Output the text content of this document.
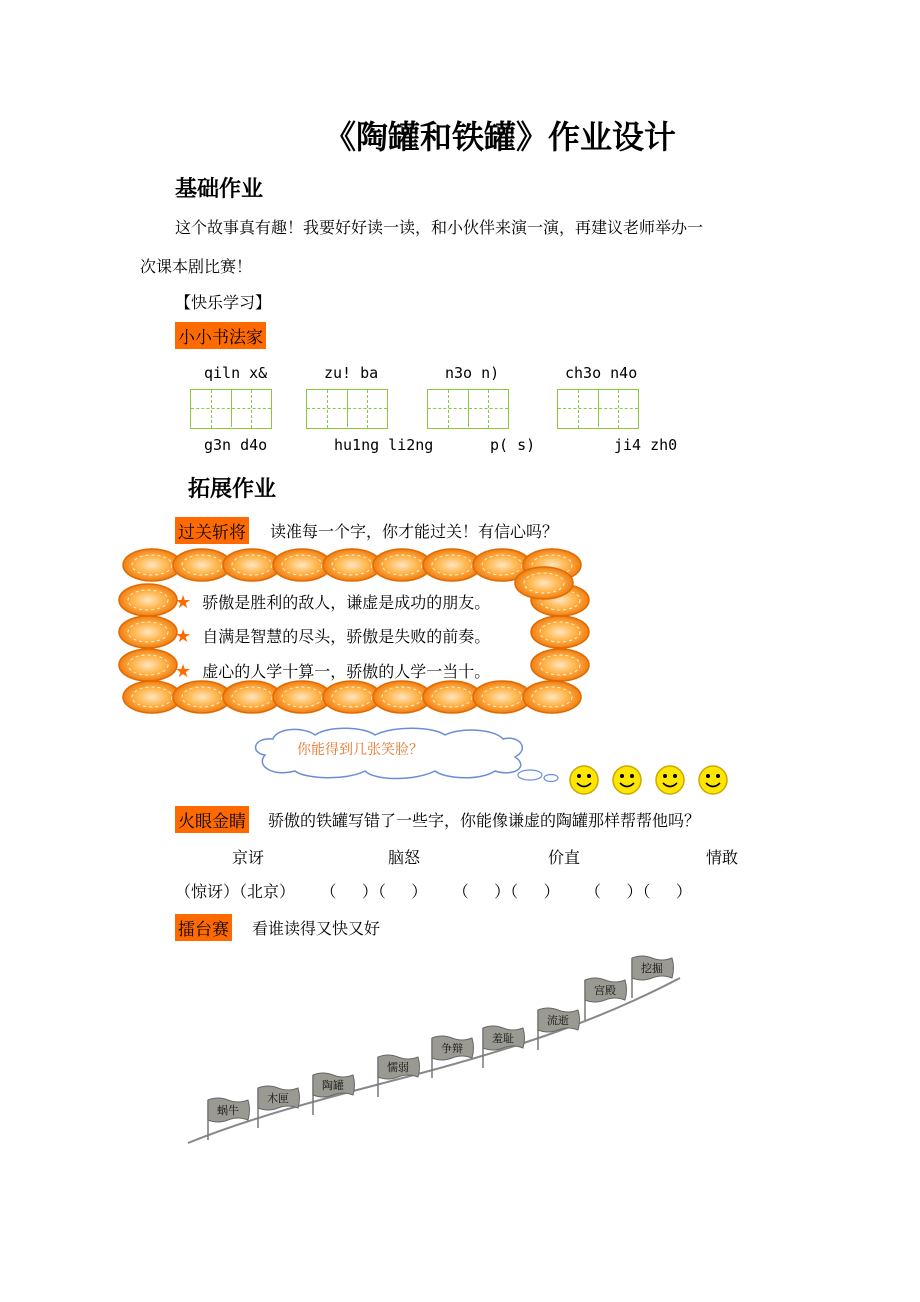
《陶罐和铁罐》作业设计
基础作业
这个故事真有趣！我要好好读一读，和小伙伴来演一演，再建议老师举办一
次课本剧比赛！
【快乐学习】
小小书法家
qiln x&	zu! ba	n3o n)	ch3o n4o
g3n d4o	hu1ng li2ng	p( s)	ji4 zh0
拓展作业
过关斩将 读准每一个字，你才能过关！有信心吗？
★ 骄傲是胜利的敌人，谦虚是成功的朋友。
★ 自满是智慧的尽头，骄傲是失败的前奏。
★ 虚心的人学十算一，骄傲的人学一当十。
你能得到几张笑脸？
火眼金睛 骄傲的铁罐写错了一些字，你能像谦虚的陶罐那样帮帮他吗？
京讶	脑怒	价直	情敢
（惊讶）（北京）     （     ）（     ）     （     ）（     ）     （     ）（     ）
擂台赛 看谁读得又快又好
蜗牛
木匣
陶罐
懦弱
争辩
羞耻
流逝
宫殿
挖掘
